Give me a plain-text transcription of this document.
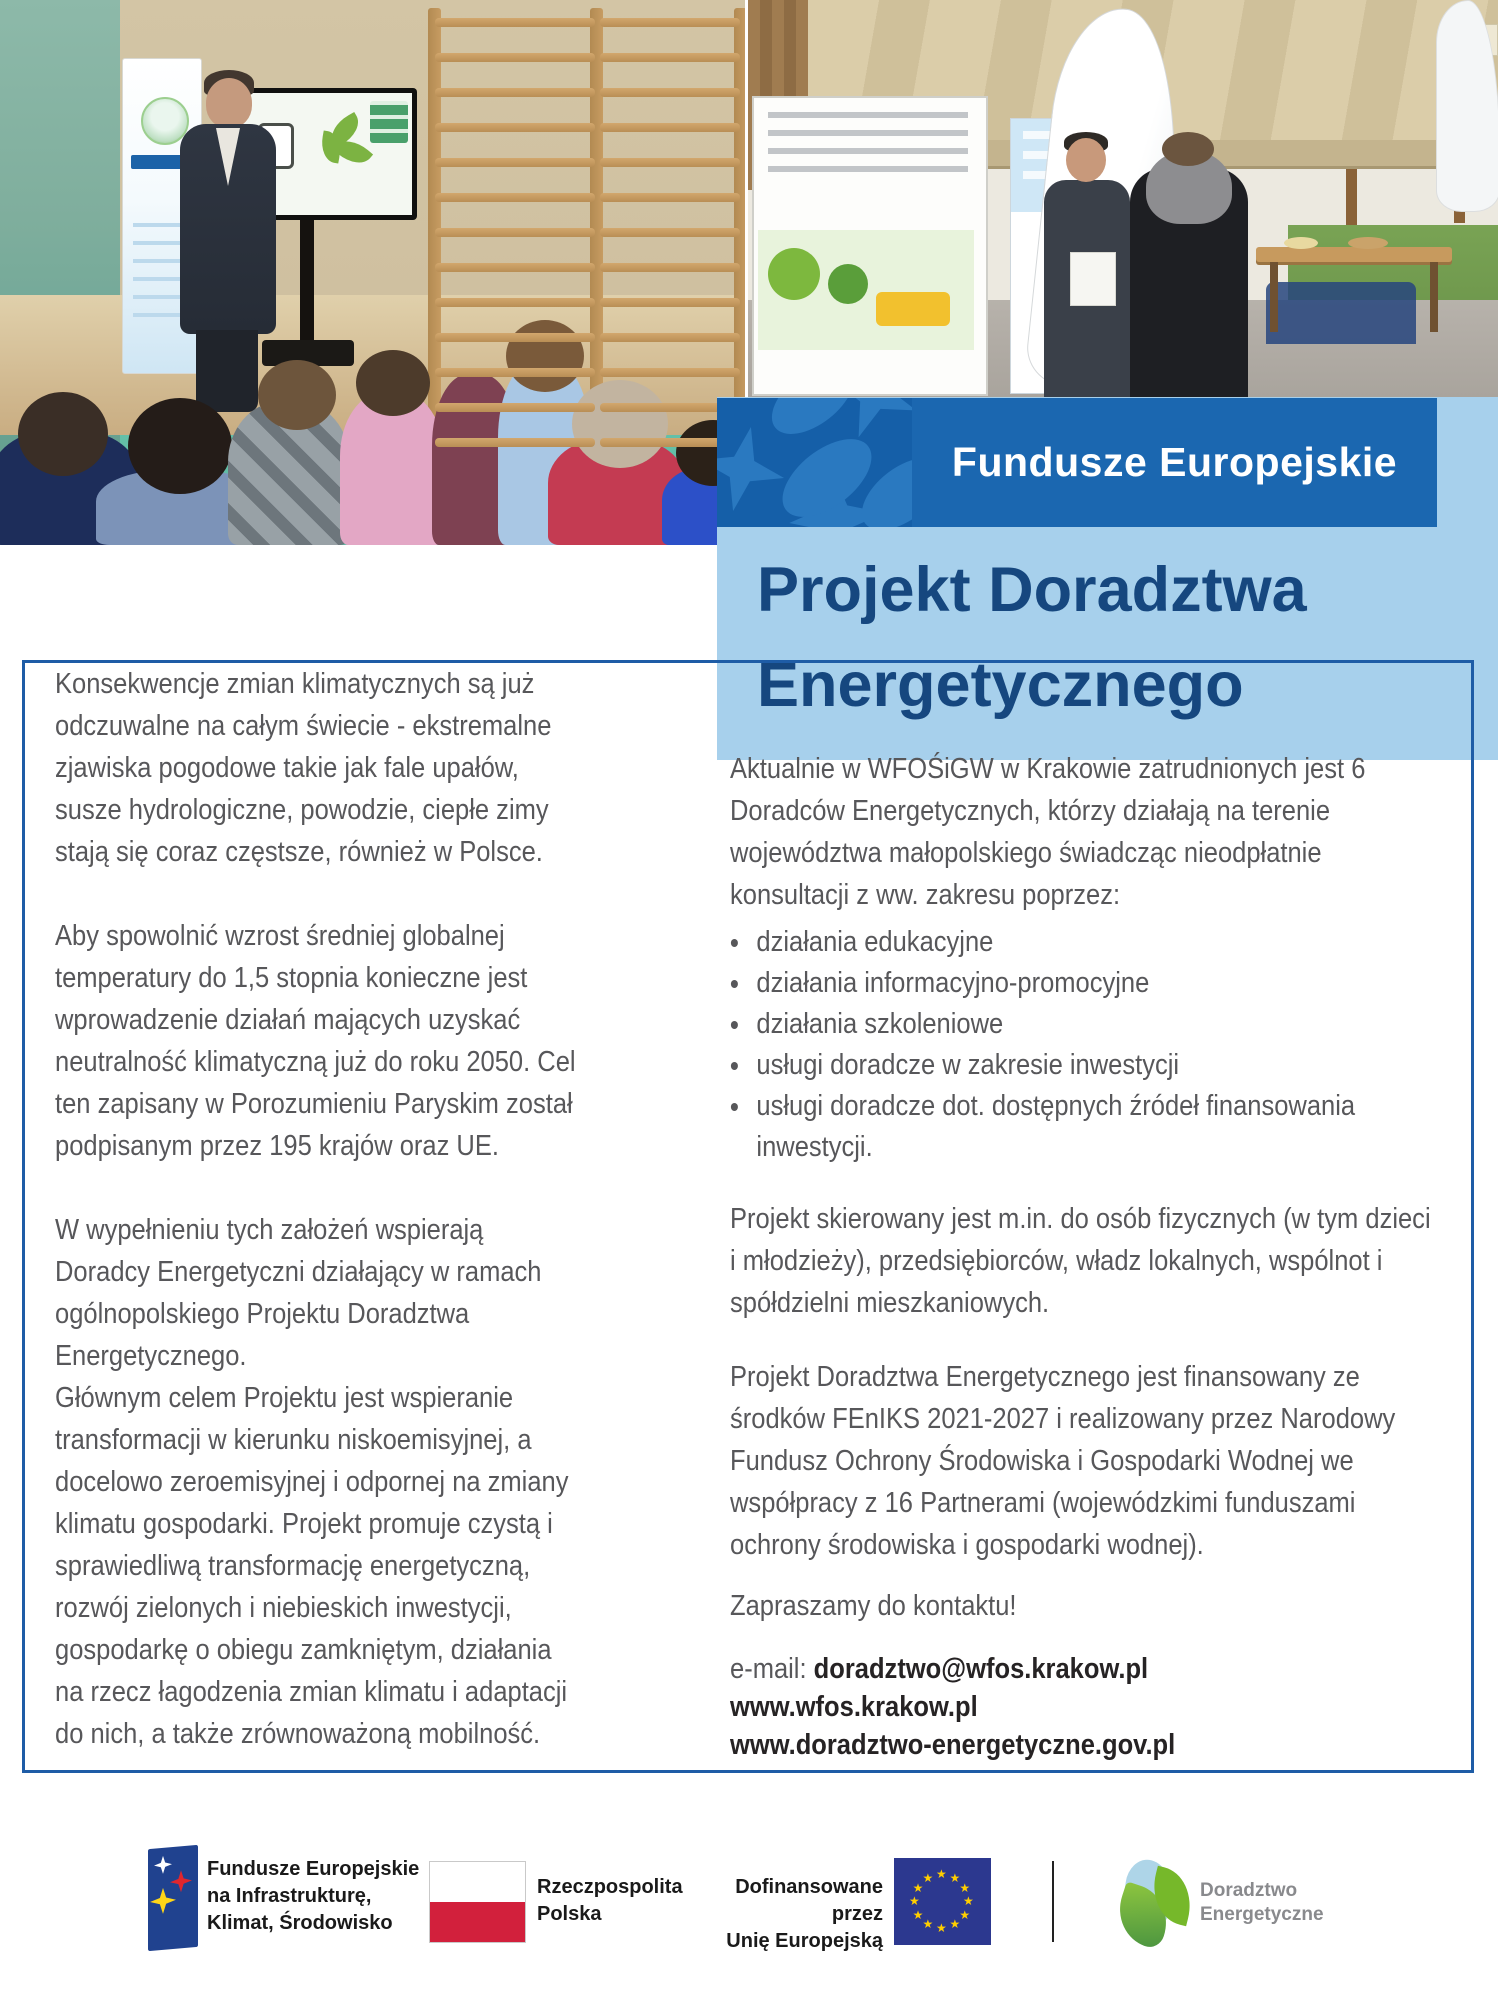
Fundusze Europejskie
Projekt Doradztwa
Energetycznego
Konsekwencje zmian klimatycznych są już odczuwalne na całym świecie - ekstremalne zjawiska pogodowe takie jak fale upałów, susze hydrologiczne, powodzie, ciepłe zimy stają się coraz częstsze, również w Polsce.
Aby spowolnić wzrost średniej globalnej temperatury do 1,5 stopnia konieczne jest wprowadzenie działań mających uzyskać neutralność klimatyczną już do roku 2050. Cel ten zapisany w Porozumieniu Paryskim został podpisanym przez 195 krajów oraz UE.
W wypełnieniu tych założeń wspierają Doradcy Energetyczni działający w ramach ogólnopolskiego Projektu Doradztwa Energetycznego.
Głównym celem Projektu jest wspieranie transformacji w kierunku niskoemisyjnej, a docelowo zeroemisyjnej i odpornej na zmiany klimatu gospodarki. Projekt promuje czystą i sprawiedliwą transformację energetyczną, rozwój zielonych i niebieskich inwestycji, gospodarkę o obiegu zamkniętym, działania na rzecz łagodzenia zmian klimatu i adaptacji do nich, a także zrównoważoną mobilność.
Aktualnie w WFOŚiGW w Krakowie zatrudnionych jest 6 Doradców Energetycznych, którzy działają na terenie województwa małopolskiego świadcząc nieodpłatnie konsultacji z ww. zakresu poprzez:
• działania edukacyjne
• działania informacyjno-promocyjne
• działania szkoleniowe
• usługi doradcze w zakresie inwestycji
• usługi doradcze dot. dostępnych źródeł finansowania inwestycji.
Projekt skierowany jest m.in. do osób fizycznych (w tym dzieci i młodzieży), przedsiębiorców, władz lokalnych, wspólnot i spółdzielni mieszkaniowych.
Projekt Doradztwa Energetycznego jest finansowany ze środków FEnIKS 2021-2027 i realizowany przez Narodowy Fundusz Ochrony Środowiska i Gospodarki Wodnej we współpracy z 16 Partnerami (wojewódzkimi funduszami ochrony środowiska i gospodarki wodnej).
Zapraszamy do kontaktu!
e-mail: doradztwo@wfos.krakow.pl
www.wfos.krakow.pl
www.doradztwo-energetyczne.gov.pl
Fundusze Europejskie
na Infrastrukturę,
Klimat, Środowisko
Rzeczpospolita
Polska
Dofinansowane przez
Unię Europejską
★ ★
★
★
★
★
★
★
★
★
★
★
Doradztwo
Energetyczne
